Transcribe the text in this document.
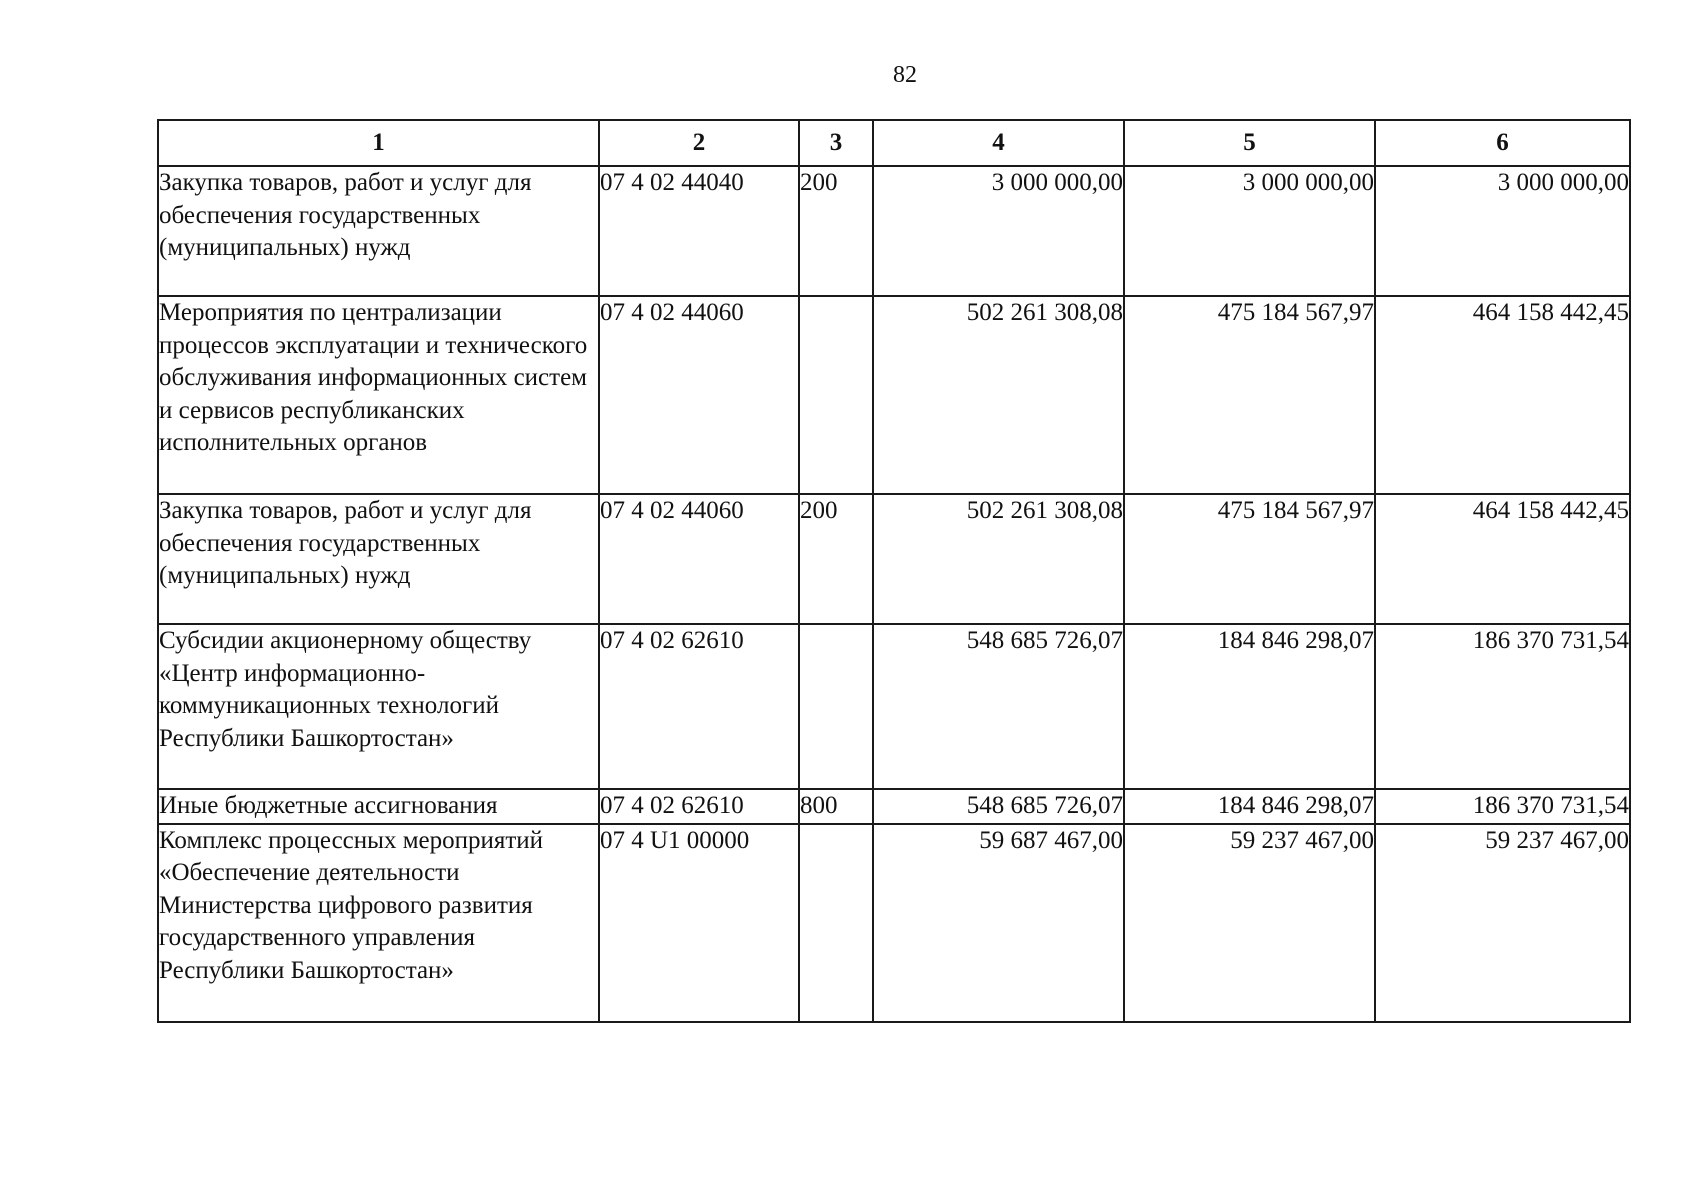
82
1	2	3	4	5	6
Закупка товаров, работ и услуг для обеспечения государственных (муниципальных) нужд	07 4 02 44040	200	3 000 000,00	3 000 000,00	3 000 000,00
Мероприятия по централизации процессов эксплуатации и технического обслуживания информационных систем и сервисов республиканских исполнительных органов	07 4 02 44060		502 261 308,08	475 184 567,97	464 158 442,45
Закупка товаров, работ и услуг для обеспечения государственных (муниципальных) нужд	07 4 02 44060	200	502 261 308,08	475 184 567,97	464 158 442,45
Субсидии акционерному обществу «Центр информационно-коммуникационных технологий Республики Башкортостан»	07 4 02 62610		548 685 726,07	184 846 298,07	186 370 731,54
Иные бюджетные ассигнования	07 4 02 62610	800	548 685 726,07	184 846 298,07	186 370 731,54
Комплекс процессных мероприятий «Обеспечение деятельности Министерства цифрового развития государственного управления Республики Башкортостан»	07 4 U1 00000		59 687 467,00	59 237 467,00	59 237 467,00
